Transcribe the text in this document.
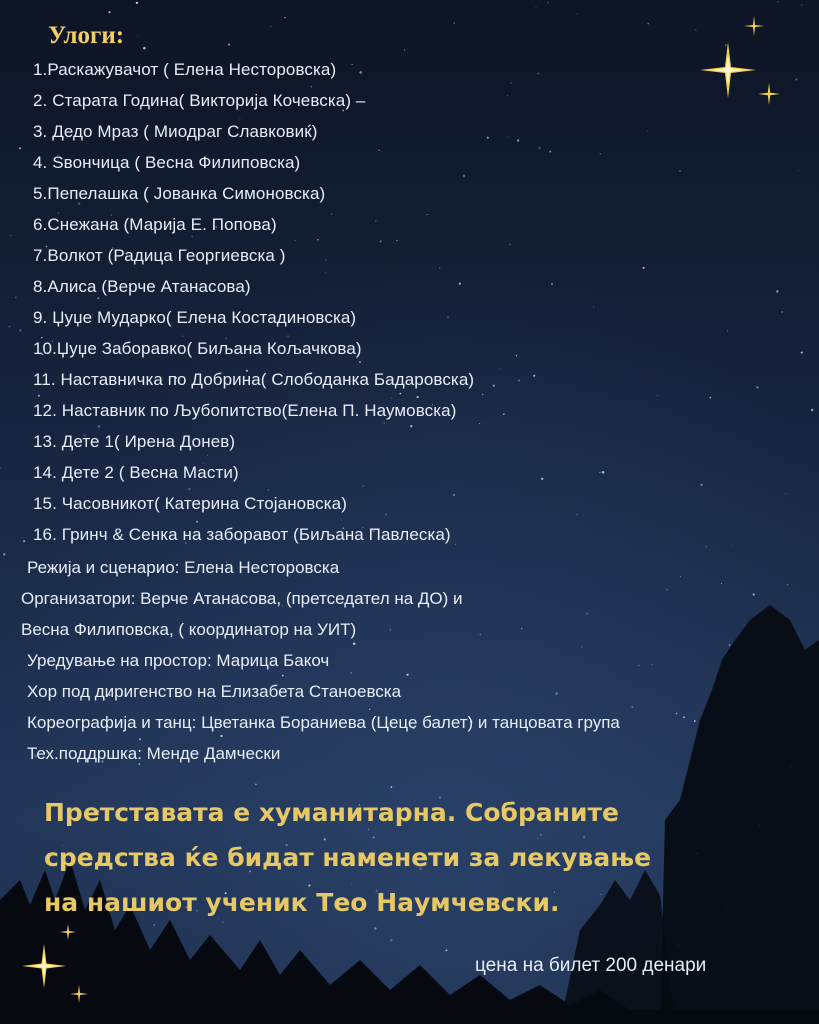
Улоги:
1.Раскажувачот ( Елена Несторовска)
2. Старата Година( Викторија Кочевска) –
3. Дедо Мраз ( Миодраг Славковиќ)
4. Ѕвончица ( Весна Филиповска)
5.Пепелашка ( Јованка Симоновска)
6.Снежана (Марија Е. Попова)
7.Волкот (Радица Георгиевска )
8.Алиса (Верче Атанасова)
9. Џуџе Мударко( Елена Костадиновска)
10.Џуџе Заборавко( Биљана Кољачкова)
11. Наставничка по Добрина( Слободанка Бадаровска)
12. Наставник по Љубопитство(Елена П. Наумовска)
13. Дете 1( Ирена Донев)
14. Дете 2 ( Весна Масти)
15. Часовникот( Катерина Стојановска)
16. Гринч & Сенка на заборавот (Биљана Павлеска)
Режија и сценарио: Елена Несторовска
Организатори: Верче Атанасова, (претседател на ДО) и
Весна Филиповска, ( координатор на УИТ)
Уредување на простор: Марица Бакоч
Хор под диригенство на Елизабета Станоевска
Кореографија и танц: Цветанка Бораниева (Цеце балет) и танцовата група
Тех.поддршка: Менде Дамчески
Претставата е хуманитарна. Собраните
средства ќе бидат наменети за лекување
на нашиот ученик Тео Наумчевски.
цена на билет 200 денари
